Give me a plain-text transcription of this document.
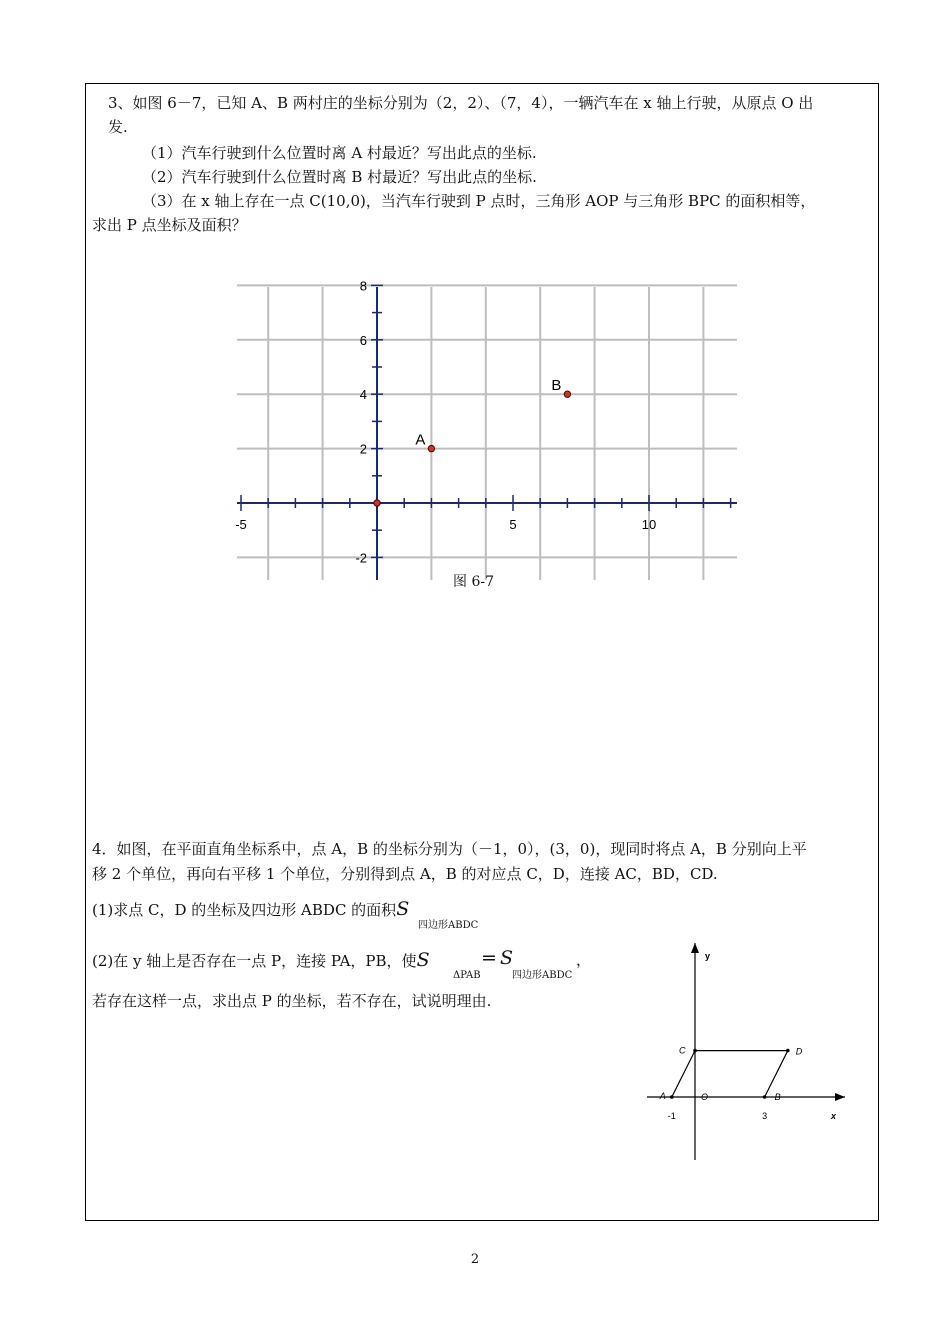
3、如图 6－7，已知 A、B 两村庄的坐标分别为（2，2）、（7，4），一辆汽车在 x 轴上行驶，从原点 O 出
发.
（1）汽车行驶到什么位置时离 A 村最近？写出此点的坐标.
（2）汽车行驶到什么位置时离 B 村最近？写出此点的坐标.
（3）在 x 轴上存在一点 C(10,0)，当汽车行驶到 P 点时，三角形 AOP 与三角形 BPC 的面积相等，
求出 P 点坐标及面积？
-5	5	10
8
6
4
2
-2
A
B
图 6-7
4．如图，在平面直角坐标系中，点 A，B 的坐标分别为（－1，0），(3，0)，现同时将点 A，B 分别向上平
移 2 个单位，再向右平移 1 个单位，分别得到点 A，B 的对应点 C，D，连接 AC，BD，CD.
(1)求点 C，D 的坐标及四边形 ABDC 的面积S
四边形ABDC
(2)在 y 轴上是否存在一点 P，连接 PA，PB，使S
ΔPAB
= S
四边形ABDC
，
若存在这样一点，求出点 P 的坐标，若不存在，试说明理由.
A	B
C	D
O
-1	3	x
y
2
